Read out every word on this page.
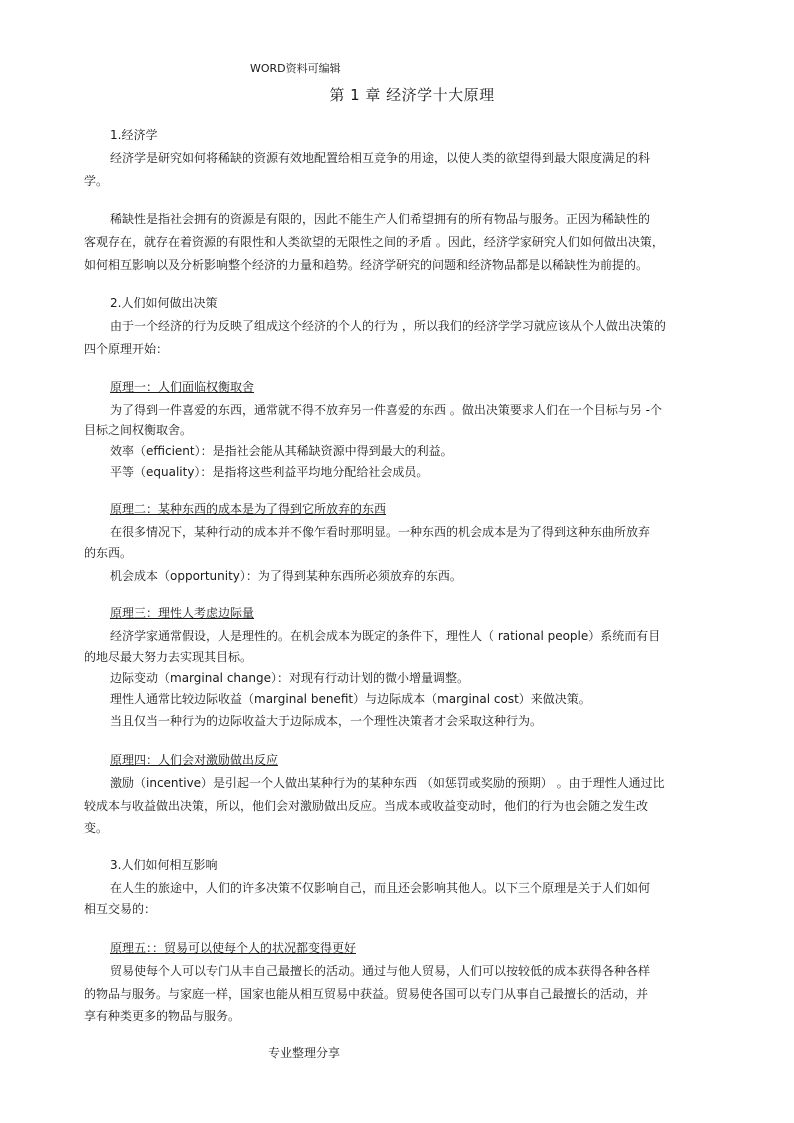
WORD资料可编辑
第 1 章 经济学十大原理
1.经济学
经济学是研究如何将稀缺的资源有效地配置给相互竞争的用途，以使人类的欲望得到最大限度满足的科
学。
稀缺性是指社会拥有的资源是有限的，因此不能生产人们希望拥有的所有物品与服务。正因为稀缺性的
客观存在，就存在着资源的有限性和人类欲望的无限性之间的矛盾 。因此，经济学家研究人们如何做出决策，
如何相互影响以及分析影响整个经济的力量和趋势。经济学研究的问题和经济物品都是以稀缺性为前提的。
2.人们如何做出决策
由于一个经济的行为反映了组成这个经济的个人的行为 ，所以我们的经济学学习就应该从个人做出决策的
四个原理开始：
原理一：人们面临权衡取舍
为了得到一件喜爱的东西，通常就不得不放弃另一件喜爱的东西 。做出决策要求人们在一个目标与另 -个
目标之间权衡取舍。
效率（efficient）：是指社会能从其稀缺资源中得到最大的利益。
平等（equality）：是指将这些利益平均地分配给社会成员。
原理二：某种东西的成本是为了得到它所放弃的东西
在很多情况下，某种行动的成本并不像乍看时那明显。一种东西的机会成本是为了得到这种东曲所放弃
的东西。
机会成本（opportunity）：为了得到某种东西所必须放弃的东西。
原理三：理性人考虑边际量
经济学家通常假设，人是理性的。在机会成本为既定的条件下，理性人（ rational people）系统而有目
的地尽最大努力去实现其目标。
边际变动（marginal change）：对现有行动计划的微小增量调整。
理性人通常比较边际收益（marginal benefit）与边际成本（marginal cost）来做决策。
当且仅当一种行为的边际收益大于边际成本，一个理性决策者才会采取这种行为。
原理四：人们会对激励做出反应
激励（incentive）是引起一个人做出某种行为的某种东西 （如惩罚或奖励的预期） 。由于理性人通过比
较成本与收益做出决策，所以，他们会对激励做出反应。当成本或收益变动时，他们的行为也会随之发生改
变。
3.人们如何相互影响
在人生的旅途中，人们的许多决策不仅影响自己，而且还会影响其他人。以下三个原理是关于人们如何
相互交易的：
原理五：：贸易可以使每个人的状况都变得更好
贸易使每个人可以专门从丰自己最擅长的活动。通过与他人贸易，人们可以按较低的成本获得各种各样
的物品与服务。与家庭一样，国家也能从相互贸易中获益。贸易使各国可以专门从事自己最擅长的活动，并
享有种类更多的物品与服务。
专业整理分享
